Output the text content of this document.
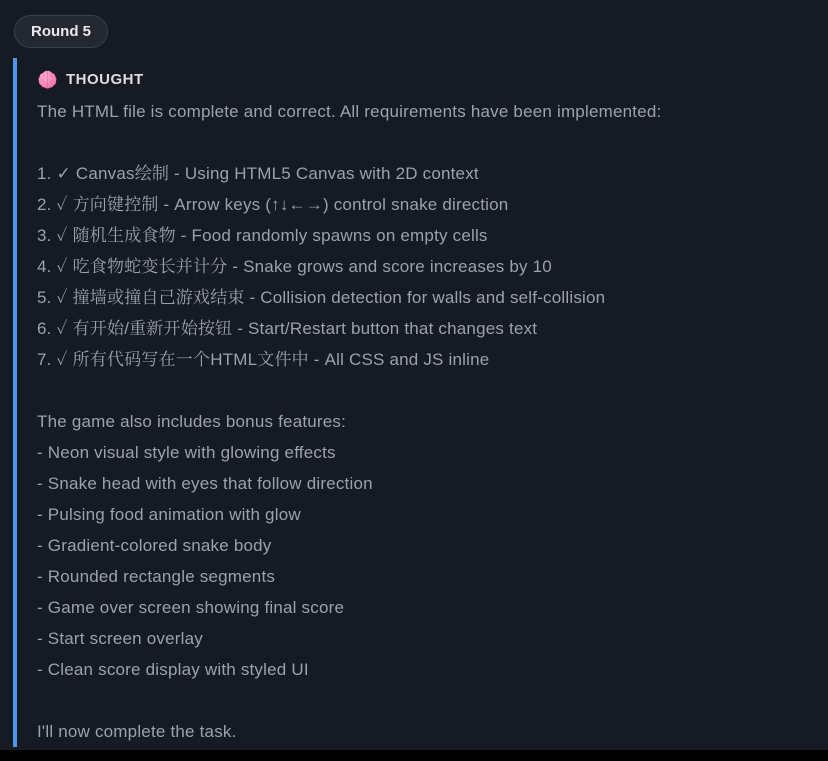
Round 5
THOUGHT
The HTML file is complete and correct. All requirements have been implemented:
1. ✓ Canvas绘制 - Using HTML5 Canvas with 2D context
2. ✓ 方向键控制 - Arrow keys (↑↓←→) control snake direction
3. ✓ 随机生成食物 - Food randomly spawns on empty cells
4. ✓ 吃食物蛇变长并计分 - Snake grows and score increases by 10
5. ✓ 撞墙或撞自己游戏结束 - Collision detection for walls and self-collision
6. ✓ 有开始/重新开始按钮 - Start/Restart button that changes text
7. ✓ 所有代码写在一个HTML文件中 - All CSS and JS inline
The game also includes bonus features:
- Neon visual style with glowing effects
- Snake head with eyes that follow direction
- Pulsing food animation with glow
- Gradient-colored snake body
- Rounded rectangle segments
- Game over screen showing final score
- Start screen overlay
- Clean score display with styled UI
I'll now complete the task.
